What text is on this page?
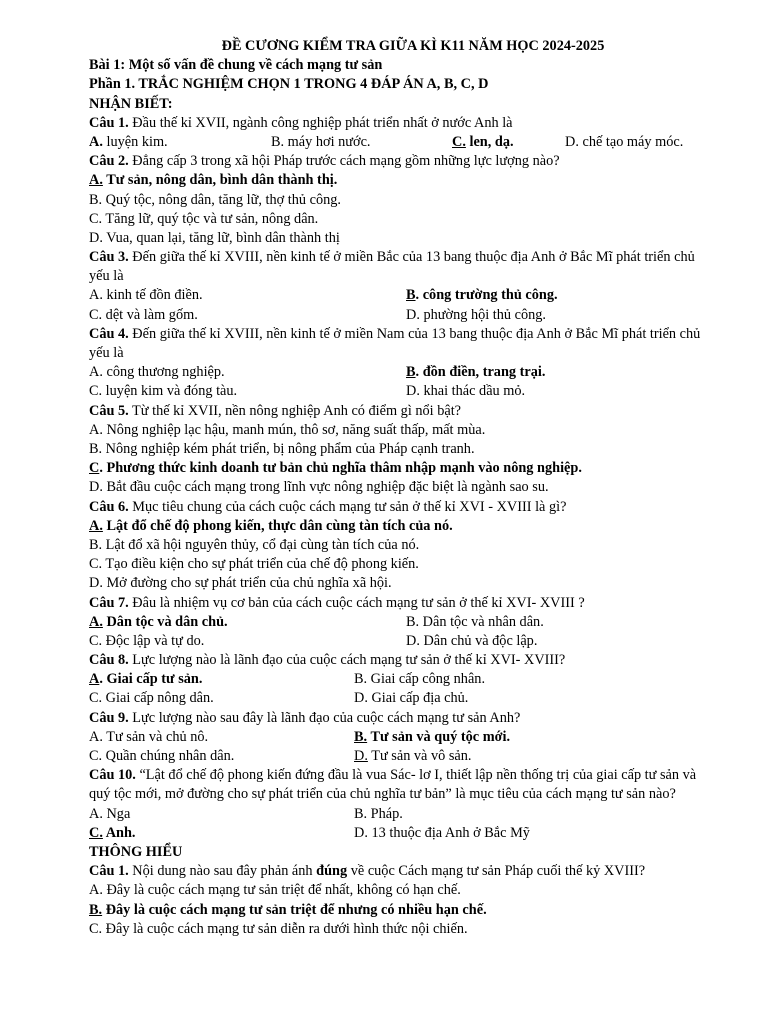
ĐỀ CƯƠNG KIỂM TRA GIỮA KÌ K11 NĂM HỌC 2024-2025
Bài 1: Một số vấn đề chung về cách mạng tư sản
Phần 1. TRẮC NGHIỆM CHỌN 1 TRONG 4 ĐÁP ÁN A, B, C, D
NHẬN BIẾT:
Câu 1. Đầu thế kỉ XVII, ngành công nghiệp phát triển nhất ở nước Anh là
A. luyện kim.	B. máy hơi nước.	C. len, dạ.	D. chế tạo máy móc.
Câu 2. Đẳng cấp 3 trong xã hội Pháp trước cách mạng gồm những lực lượng nào?
A. Tư sản, nông dân, bình dân thành thị.
B. Quý tộc, nông dân, tăng lữ, thợ thủ công.
C. Tăng lữ, quý tộc và tư sản, nông dân.
D. Vua, quan lại, tăng lữ, bình dân thành thị
Câu 3. Đến giữa thế kỉ XVIII, nền kinh tế ở miền Bắc của 13 bang thuộc địa Anh ở Bắc Mĩ phát triển chủ yếu là
A. kinh tế đồn điền.	B. công trường thủ công.
C. dệt và làm gốm.	D. phường hội thủ công.
Câu 4. Đến giữa thế kỉ XVIII, nền kinh tế ở miền Nam của 13 bang thuộc địa Anh ở Bắc Mĩ phát triển chủ yếu là
A. công thương nghiệp.	B. đồn điền, trang trại.
C. luyện kim và đóng tàu.	D. khai thác dầu mỏ.
Câu 5. Từ thế kỉ XVII, nền nông nghiệp Anh có điểm gì nổi bật?
A. Nông nghiệp lạc hậu, manh mún, thô sơ, năng suất thấp, mất mùa.
B. Nông nghiệp kém phát triển, bị nông phẩm của Pháp cạnh tranh.
C. Phương thức kinh doanh tư bản chủ nghĩa thâm nhập mạnh vào nông nghiệp.
D. Bắt đầu cuộc cách mạng trong lĩnh vực nông nghiệp đặc biệt là ngành sao su.
Câu 6. Mục tiêu chung của cách cuộc cách mạng tư sản ở thế kỉ XVI - XVIII là gì?
A. Lật đổ chế độ phong kiến, thực dân cùng tàn tích của nó.
B. Lật đổ xã hội nguyên thủy, cổ đại cùng tàn tích của nó.
C. Tạo điều kiện cho sự phát triển của chế độ phong kiến.
D. Mở đường cho sự phát triển của chủ nghĩa xã hội.
Câu 7. Đâu là nhiệm vụ cơ bản của cách cuộc cách mạng tư sản ở thế kỉ XVI- XVIII ?
A. Dân tộc và dân chủ.	B. Dân tộc và nhân dân.
C. Độc lập và tự do.	D. Dân chủ và độc lập.
Câu 8. Lực lượng nào là lãnh đạo của cuộc cách mạng tư sản ở thế kỉ XVI- XVIII?
A. Giai cấp tư sản.	B. Giai cấp công nhân.
C. Giai cấp nông dân.	D. Giai cấp địa chủ.
Câu 9. Lực lượng nào sau đây là lãnh đạo của cuộc cách mạng tư sản Anh?
A. Tư sản và chủ nô.	B. Tư sản và quý tộc mới.
C. Quần chúng nhân dân.	D. Tư sản và vô sản.
Câu 10. “Lật đổ chế độ phong kiến đứng đầu là vua Sác- lơ I, thiết lập nền thống trị của giai cấp tư sản và quý tộc mới, mở đường cho sự phát triển của chủ nghĩa tư bản” là mục tiêu của cách mạng tư sản nào?
A. Nga	B. Pháp.
C. Anh.	D. 13 thuộc địa Anh ở Bắc Mỹ
THÔNG HIỂU
Câu 1. Nội dung nào sau đây phản ánh đúng về cuộc Cách mạng tư sản Pháp cuối thế kỷ XVIII?
A. Đây là cuộc cách mạng tư sản triệt để nhất, không có hạn chế.
B. Đây là cuộc cách mạng tư sản triệt để nhưng có nhiều hạn chế.
C. Đây là cuộc cách mạng tư sản diễn ra dưới hình thức nội chiến.
